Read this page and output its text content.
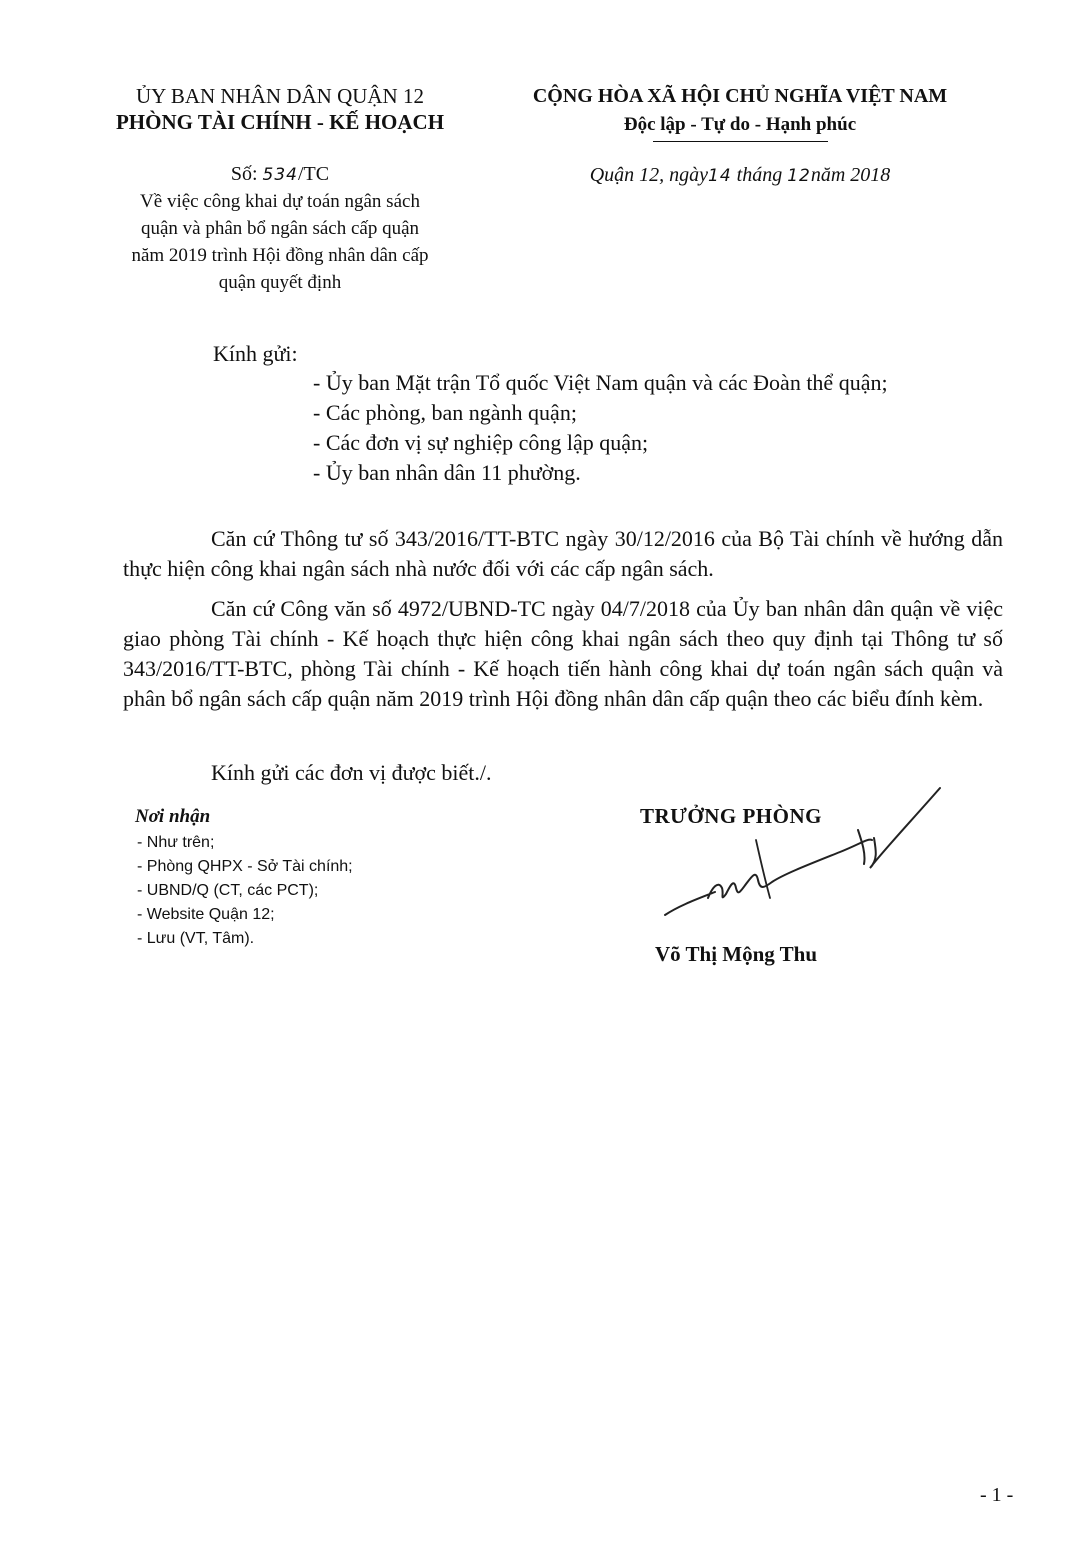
ỦY BAN NHÂN DÂN QUẬN 12
PHÒNG TÀI CHÍNH - KẾ HOẠCH
Số: 534/TC
Về việc công khai dự toán ngân sách
quận và phân bổ ngân sách cấp quận
năm 2019 trình Hội đồng nhân dân cấp
quận quyết định
CỘNG HÒA XÃ HỘI CHỦ NGHĨA VIỆT NAM
Độc lập - Tự do - Hạnh phúc
Quận 12, ngày14 tháng 12năm 2018
Kính gửi:
- Ủy ban Mặt trận Tổ quốc Việt Nam quận và các Đoàn thể quận;
- Các phòng, ban ngành quận;
- Các đơn vị sự nghiệp công lập quận;
- Ủy ban nhân dân 11 phường.
Căn cứ Thông tư số 343/2016/TT-BTC ngày 30/12/2016 của Bộ Tài chính về hướng dẫn thực hiện công khai ngân sách nhà nước đối với các cấp ngân sách.
Căn cứ Công văn số 4972/UBND-TC ngày 04/7/2018 của Ủy ban nhân dân quận về việc giao phòng Tài chính - Kế hoạch thực hiện công khai ngân sách theo quy định tại Thông tư số 343/2016/TT-BTC, phòng Tài chính - Kế hoạch tiến hành công khai dự toán ngân sách quận và phân bổ ngân sách cấp quận năm 2019 trình Hội đồng nhân dân cấp quận theo các biểu đính kèm.
Kính gửi các đơn vị được biết./.
Nơi nhận
- Như trên;
- Phòng QHPX - Sở Tài chính;
- UBND/Q (CT, các PCT);
- Website Quận 12;
- Lưu (VT, Tâm).
TRƯỞNG PHÒNG
Võ Thị Mộng Thu
- 1 -
